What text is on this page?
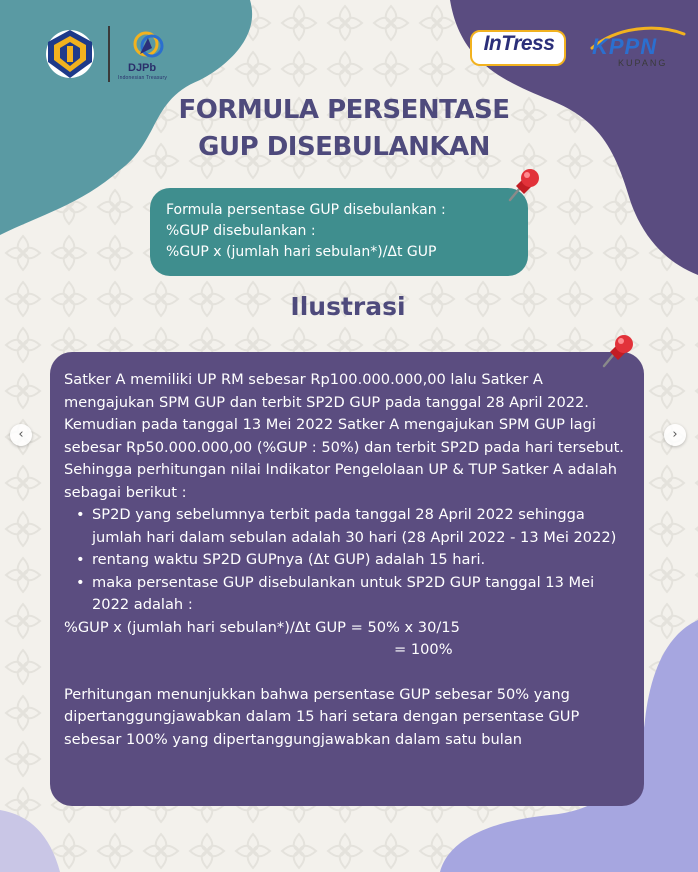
DJPb
Indonesian Treasury
InTress	KPPN
KUPANG
FORMULA PERSENTASE
GUP DISEBULANKAN
Formula persentase GUP disebulankan :
%GUP disebulankan :
%GUP x (jumlah hari sebulan*)/Δt GUP
Ilustrasi

Satker A memiliki UP RM sebesar Rp100.000.000,00 lalu Satker A mengajukan SPM GUP dan terbit SP2D GUP pada tanggal 28 April 2022. Kemudian pada tanggal 13 Mei 2022 Satker A mengajukan SPM GUP lagi sebesar Rp50.000.000,00 (%GUP : 50%) dan terbit SP2D pada hari tersebut. Sehingga perhitungan nilai Indikator Pengelolaan UP & TUP Satker A adalah sebagai berikut :

• SP2D yang sebelumnya terbit pada tanggal 28 April 2022 sehingga jumlah hari dalam sebulan adalah 30 hari (28 April 2022 - 13 Mei 2022)
• rentang waktu SP2D GUPnya (Δt GUP) adalah 15 hari.
• maka persentase GUP disebulankan untuk SP2D GUP tanggal 13 Mei 2022 adalah :
%GUP x (jumlah hari sebulan*)/Δt GUP = 50% x 30/15
= 100%

Perhitungan menunjukkan bahwa persentase GUP sebesar 50% yang dipertanggungjawabkan dalam 15 hari setara dengan persentase GUP sebesar 100% yang dipertanggungjawabkan dalam satu bulan

‹	›
